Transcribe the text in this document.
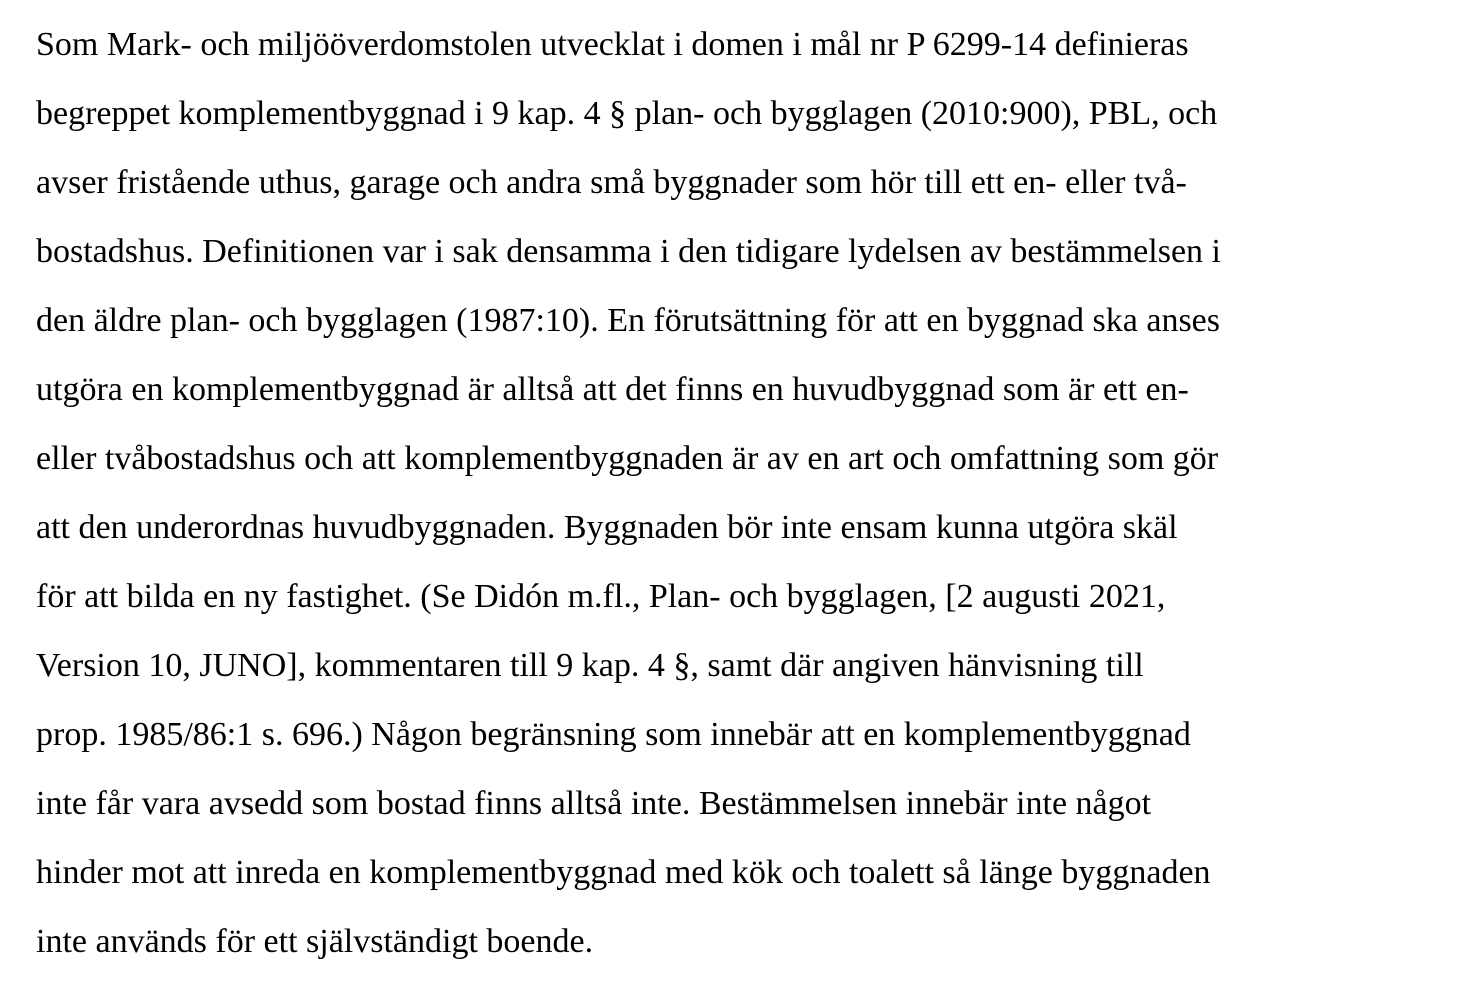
Som Mark- och miljööverdomstolen utvecklat i domen i mål nr P 6299-14 definieras
begreppet komplementbyggnad i 9 kap. 4 § plan- och bygglagen (2010:900), PBL, och
avser fristående uthus, garage och andra små byggnader som hör till ett en- eller två-
bostadshus. Definitionen var i sak densamma i den tidigare lydelsen av bestämmelsen i
den äldre plan- och bygglagen (1987:10). En förutsättning för att en byggnad ska anses
utgöra en komplementbyggnad är alltså att det finns en huvudbyggnad som är ett en-
eller tvåbostadshus och att komplementbyggnaden är av en art och omfattning som gör
att den underordnas huvudbyggnaden. Byggnaden bör inte ensam kunna utgöra skäl
för att bilda en ny fastighet. (Se Didón m.fl., Plan- och bygglagen, [2 augusti 2021,
Version 10, JUNO], kommentaren till 9 kap. 4 §, samt där angiven hänvisning till
prop. 1985/86:1 s. 696.) Någon begränsning som innebär att en komplementbyggnad
inte får vara avsedd som bostad finns alltså inte. Bestämmelsen innebär inte något
hinder mot att inreda en komplementbyggnad med kök och toalett så länge byggnaden
inte används för ett självständigt boende.
